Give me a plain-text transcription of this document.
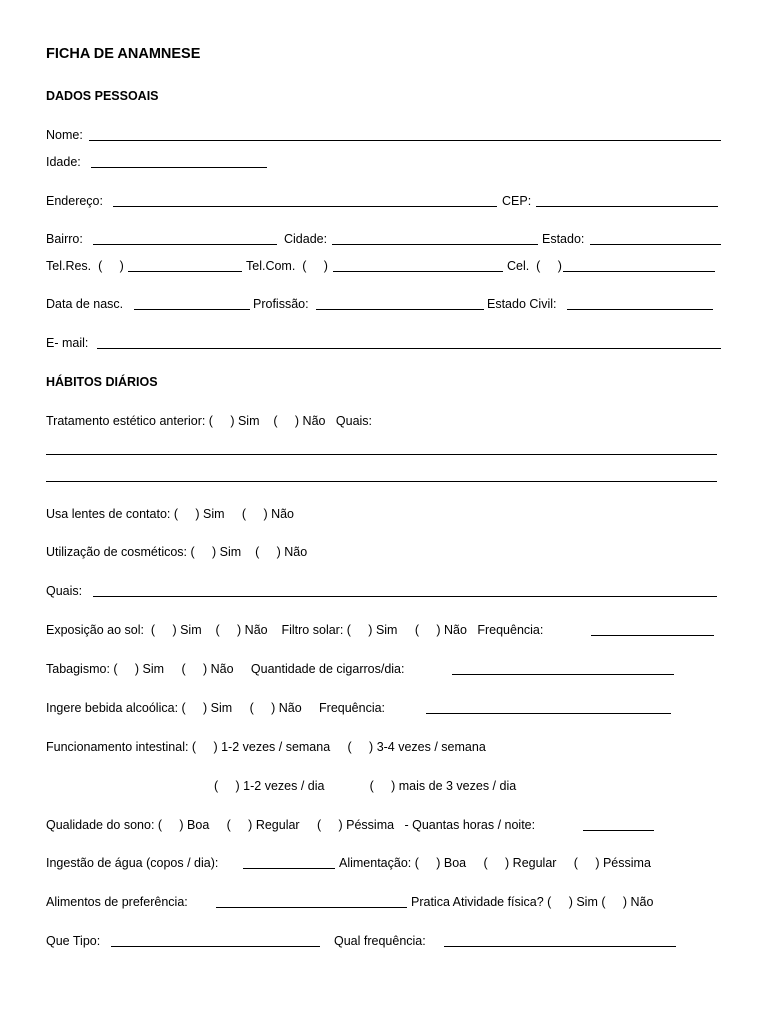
FICHA DE ANAMNESE
DADOS PESSOAIS
Nome:
Idade:
Endereço:	CEP:
Bairro:	Cidade:	Estado:
Tel.Res.  (     )	Tel.Com.  (     )	Cel.  (     )
Data de nasc.	Profissão:	Estado Civil:
E- mail:
HÁBITOS DIÁRIOS
Tratamento estético anterior: (     ) Sim    (     ) Não   Quais:
Usa lentes de contato: (     ) Sim     (     ) Não
Utilização de cosméticos: (     ) Sim    (     ) Não
Quais:
Exposição ao sol:  (     ) Sim    (     ) Não    Filtro solar: (     ) Sim     (     ) Não   Frequência:
Tabagismo: (     ) Sim     (     ) Não     Quantidade de cigarros/dia:
Ingere bebida alcoólica: (     ) Sim     (     ) Não     Frequência:
Funcionamento intestinal: (     ) 1-2 vezes / semana     (     ) 3-4 vezes / semana
(     ) 1-2 vezes / dia             (     ) mais de 3 vezes / dia
Qualidade do sono: (     ) Boa     (     ) Regular     (     ) Péssima   - Quantas horas / noite:
Ingestão de água (copos / dia):	Alimentação: (     ) Boa     (     ) Regular     (     ) Péssima
Alimentos de preferência:	Pratica Atividade física? (     ) Sim (     ) Não
Que Tipo:	Qual frequência:
